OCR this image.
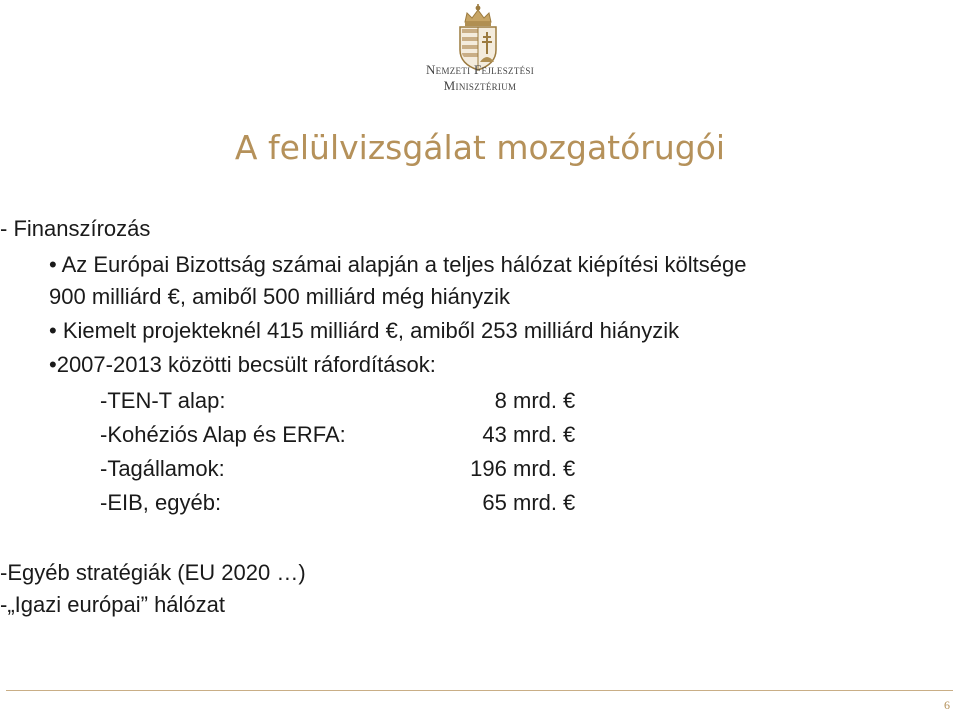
Nemzeti Fejlesztési
Minisztérium
A felülvizsgálat mozgatórugói
- Finanszírozás
• Az Európai Bizottság számai alapján a teljes hálózat kiépítési költsége
900 milliárd €, amiből 500 milliárd még hiányzik
• Kiemelt projekteknél 415 milliárd €, amiből 253 milliárd hiányzik
•2007-2013 közötti becsült ráfordítások:
-TEN-T alap:	8 mrd. €
-Kohéziós Alap és ERFA:	43 mrd. €
-Tagállamok:	196 mrd. €
-EIB, egyéb:	65 mrd. €
-Egyéb stratégiák (EU 2020 …)
-„Igazi európai” hálózat
6
